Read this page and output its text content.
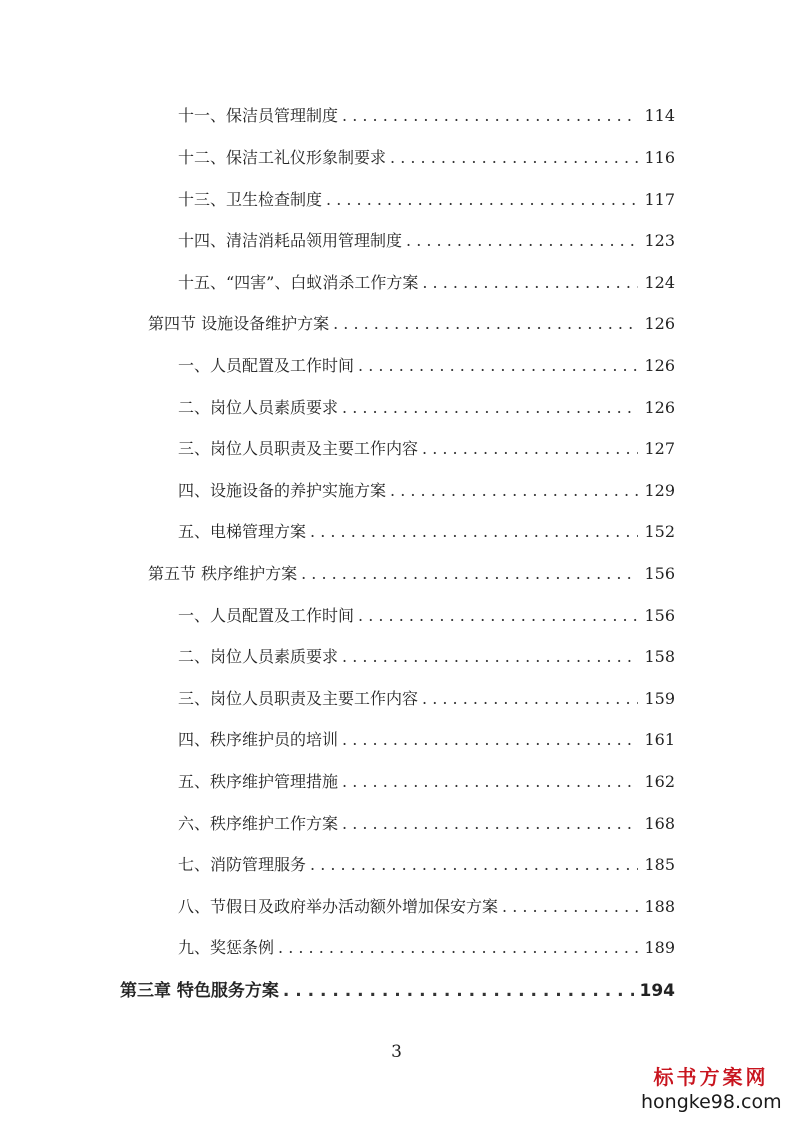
十一、保洁员管理制度 . . .	114
十二、保洁工礼仪形象制要求 . . .	116
十三、卫生检查制度 . . .	117
十四、清洁消耗品领用管理制度 . . .	123
十五、“四害”、白蚁消杀工作方案 . . .	124
第四节 设施设备维护方案 . . .	126
一、人员配置及工作时间 . . .	126
二、岗位人员素质要求 . . .	126
三、岗位人员职责及主要工作内容 . . .	127
四、设施设备的养护实施方案 . . .	129
五、电梯管理方案 . . .	152
第五节 秩序维护方案 . . .	156
一、人员配置及工作时间 . . .	156
二、岗位人员素质要求 . . .	158
三、岗位人员职责及主要工作内容 . . .	159
四、秩序维护员的培训 . . .	161
五、秩序维护管理措施 . . .	162
六、秩序维护工作方案 . . .	168
七、消防管理服务 . . .	185
八、节假日及政府举办活动额外增加保安方案 . . .	188
九、奖惩条例 . . .	189
第三章 特色服务方案 . . .	194
3
标书方案网
hongke98.com
